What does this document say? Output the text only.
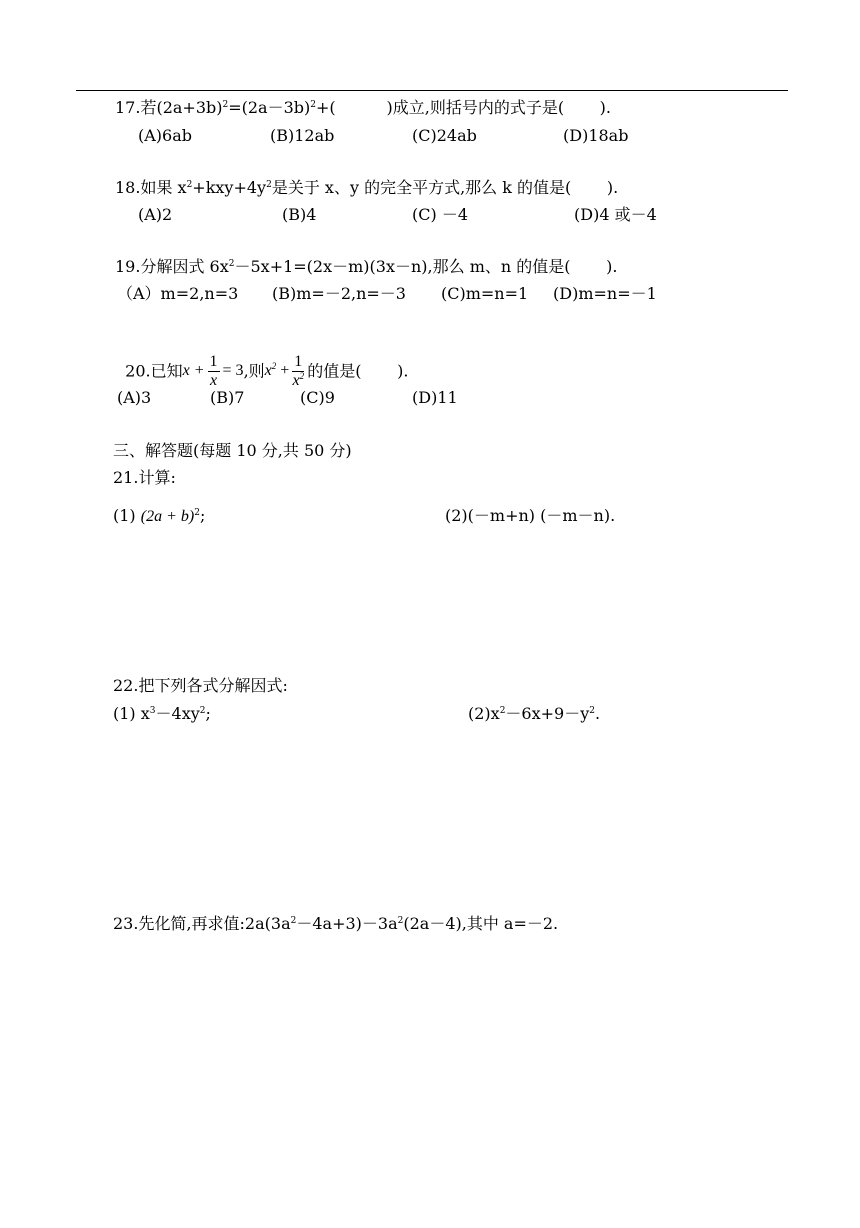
17.若$(2a+3b)^2=(2a-3b)^2+$(          )成立,则括号内的式子是(       ).
(A)6ab	(B)12ab	(C)24ab	(D)18ab
18.如果 $x^2+kxy+4y^2$是关于 x、y 的完全平方式,那么 k 的值是(       ).
(A)2	(B)4	(C) －4	(D)4 或－4
19.分解因式 $6x^2-5x+1=(2x-m)(3x-n)$,那么 m、n 的值是(       ).
（A）m=2,n=3 (B)m=－2,n=－3 (C)m=n=1 (D)m=n=－1

20.已知$x + \frac{1}{x} = 3$,则$x^2 + \frac{1}{x^2}$ 的值是(       ).

(A)3	(B)7	(C)9	(D)11
三、解答题(每题 10 分,共 50 分)
21.计算:
(1) $(2a + b)^2$;	(2)(－m+n) (－m－n).
22.把下列各式分解因式:
(1) $x^3-4xy^2$;	$(2)x^2-6x+9-y^2$.
23.先化简,再求值$:2a(3a^2-4a+3)-3a^2(2a-4)$,其中 a=－2.
